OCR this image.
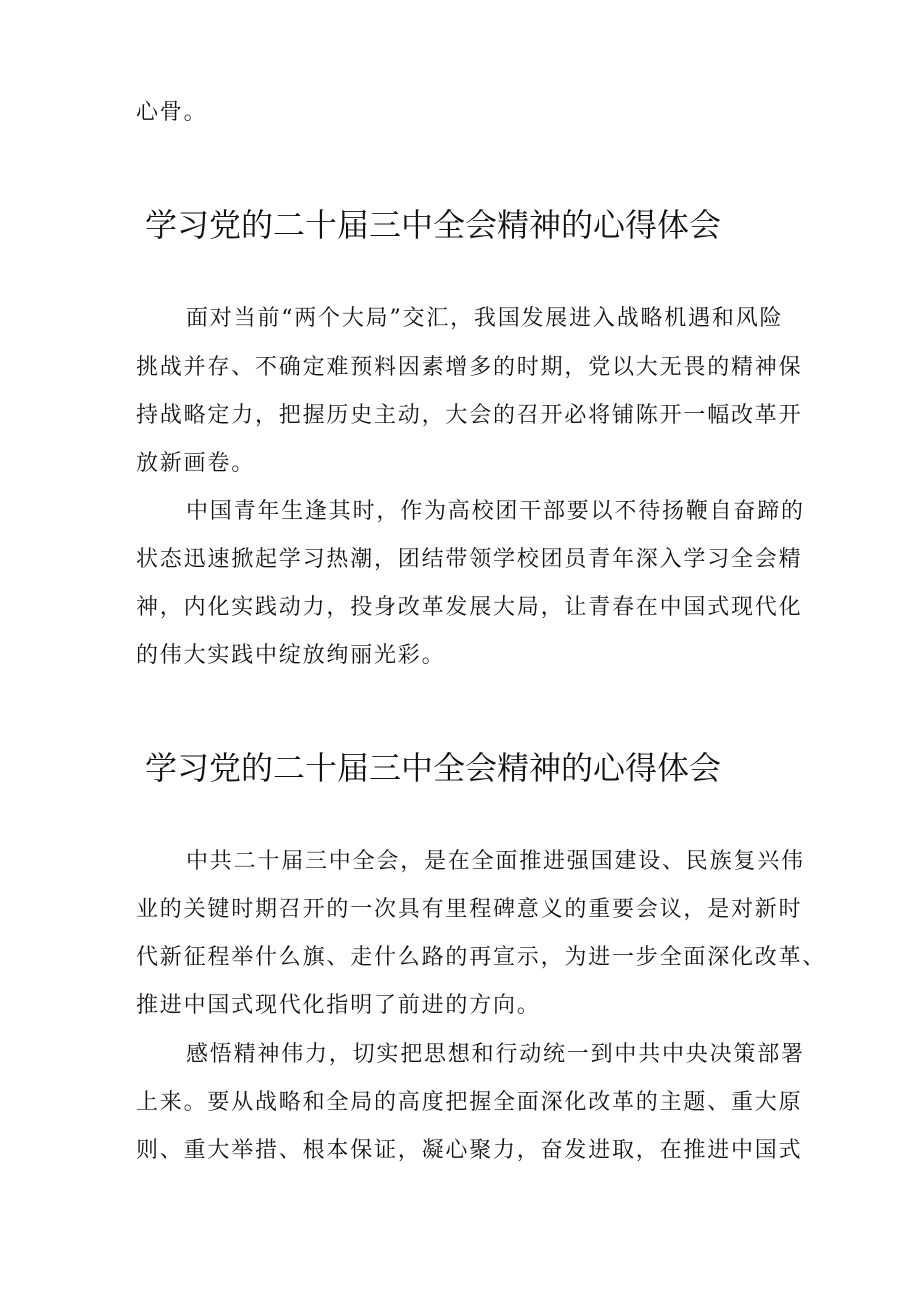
心骨。

学习党的二十届三中全会精神的心得体会

面对当前“两个大局”交汇，我国发展进入战略机遇和风险

挑战并存、不确定难预料因素增多的时期，党以大无畏的精神保

持战略定力，把握历史主动，大会的召开必将铺陈开一幅改革开

放新画卷。

中国青年生逢其时，作为高校团干部要以不待扬鞭自奋蹄的

状态迅速掀起学习热潮，团结带领学校团员青年深入学习全会精

神，内化实践动力，投身改革发展大局，让青春在中国式现代化

的伟大实践中绽放绚丽光彩。

学习党的二十届三中全会精神的心得体会

中共二十届三中全会，是在全面推进强国建设、民族复兴伟

业的关键时期召开的一次具有里程碑意义的重要会议，是对新时

代新征程举什么旗、走什么路的再宣示，为进一步全面深化改革、

推进中国式现代化指明了前进的方向。

感悟精神伟力，切实把思想和行动统一到中共中央决策部署

上来。要从战略和全局的高度把握全面深化改革的主题、重大原

则、重大举措、根本保证，凝心聚力，奋发进取，在推进中国式
